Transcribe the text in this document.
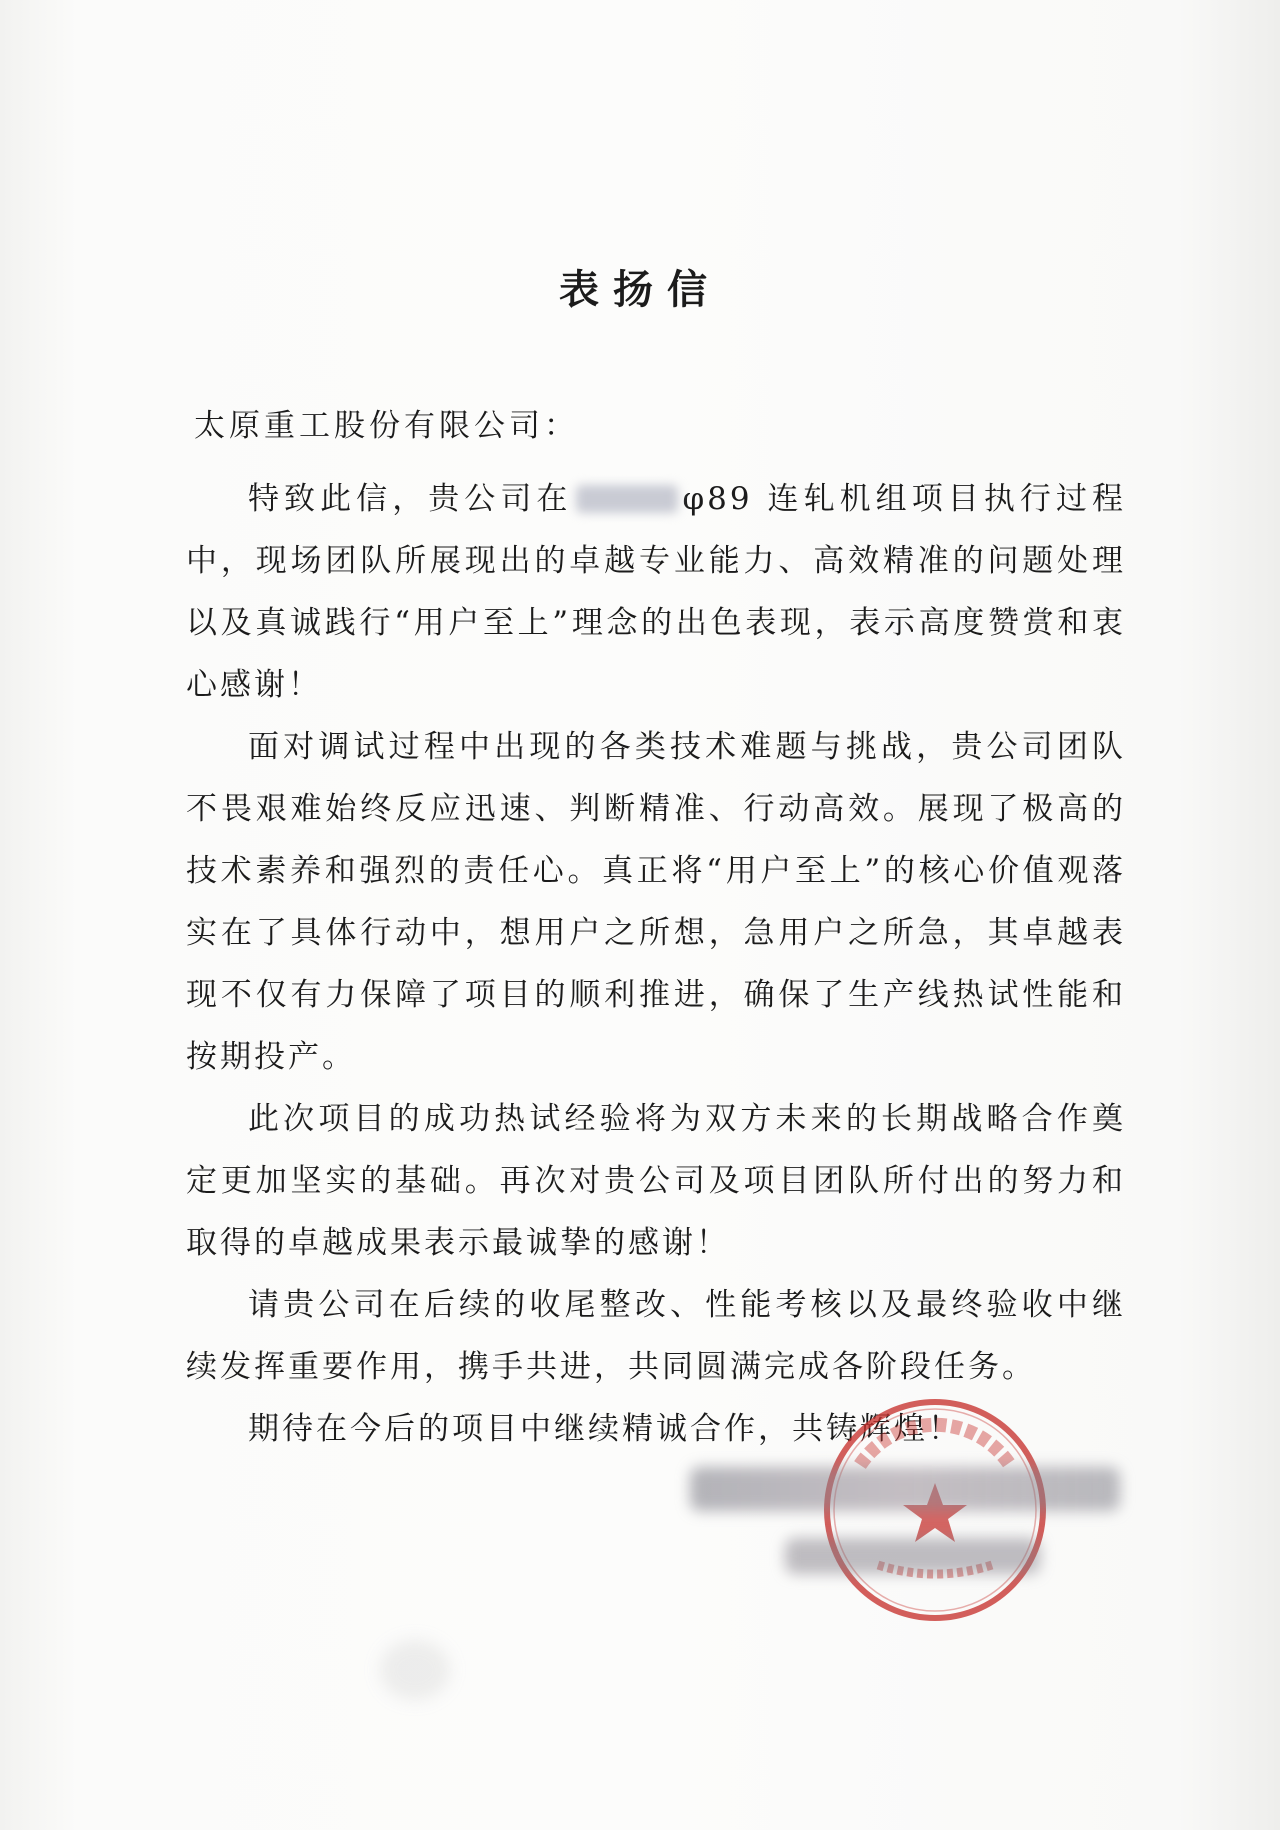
表扬信
太原重工股份有限公司：

特致此信，贵公司在	φ89 连轧机组项目执行过程中，现场团队所展现出的卓越专业能力、高效精准的问题处理以及真诚践行“用户至上”理念的出色表现，表示高度赞赏和衷心感谢！

面对调试过程中出现的各类技术难题与挑战，贵公司团队不畏艰难始终反应迅速、判断精准、行动高效。展现了极高的技术素养和强烈的责任心。真正将“用户至上”的核心价值观落实在了具体行动中，想用户之所想，急用户之所急，其卓越表现不仅有力保障了项目的顺利推进，确保了生产线热试性能和按期投产。

此次项目的成功热试经验将为双方未来的长期战略合作奠定更加坚实的基础。再次对贵公司及项目团队所付出的努力和取得的卓越成果表示最诚挚的感谢！

请贵公司在后续的收尾整改、性能考核以及最终验收中继续发挥重要作用，携手共进，共同圆满完成各阶段任务。

期待在今后的项目中继续精诚合作，共铸辉煌！
